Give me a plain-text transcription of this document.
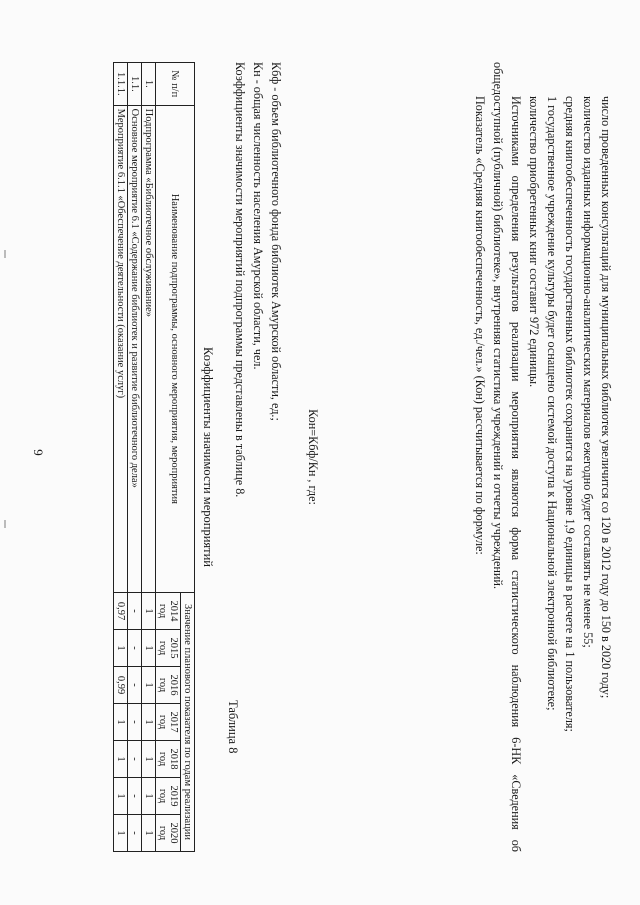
9	число проведенных консультаций для муниципальных библиотек увеличится со 120 в 2012 году до 150 в 2020 году;

количество изданных информационно-аналитических материалов ежегодно будет составлять не менее 55;

средняя книгообеспеченность государственных библиотек сохранится на уровне 1,9 единицы в расчете на 1 пользователя;

1 государственное учреждение культуры будет оснащено системой доступа к Национальной электронной библиотеке;

количество приобретенных книг составит 972 единицы.

Источниками определения результатов реализации мероприятия являются форма статистического наблюдения 6-НК «Сведения об общедоступной (публичной) библиотеке», внутренняя статистика учреждений и отчеты учреждений.

Показатель «Средняя книгообеспеченность, ед./чел.» (Кон) рассчитывается по формуле:

Кон=Кбф/Кн , где:

Кбф - объем библиотечного фонда библиотек Амурской области, ед.;

Кн - общая численность населения Амурской области, чел.

Коэффициенты значимости мероприятий подпрограммы представлены в таблице 8.

Таблица 8
Коэффициенты значимости мероприятий
№ п/п	Наименование подпрограммы, основного мероприятия, мероприятия	Значение планового показателя по годам реализации						
		2014 год	2015 год	2016 год	2017 год	2018 год	2019 год	2020 год
1.	Подпрограмма «Библиотечное обслуживание»	1	1	1	1	1	1	1
1.1.	Основное мероприятие 6.1 «Содержание библиотек и развитие библиотечного дела»	-	-	-	-	-	-	-
1.1.1.	Мероприятие 6.1.1 «Обеспечение деятельности (оказание услуг)	0,97	1	0,99	1	1	1	1
